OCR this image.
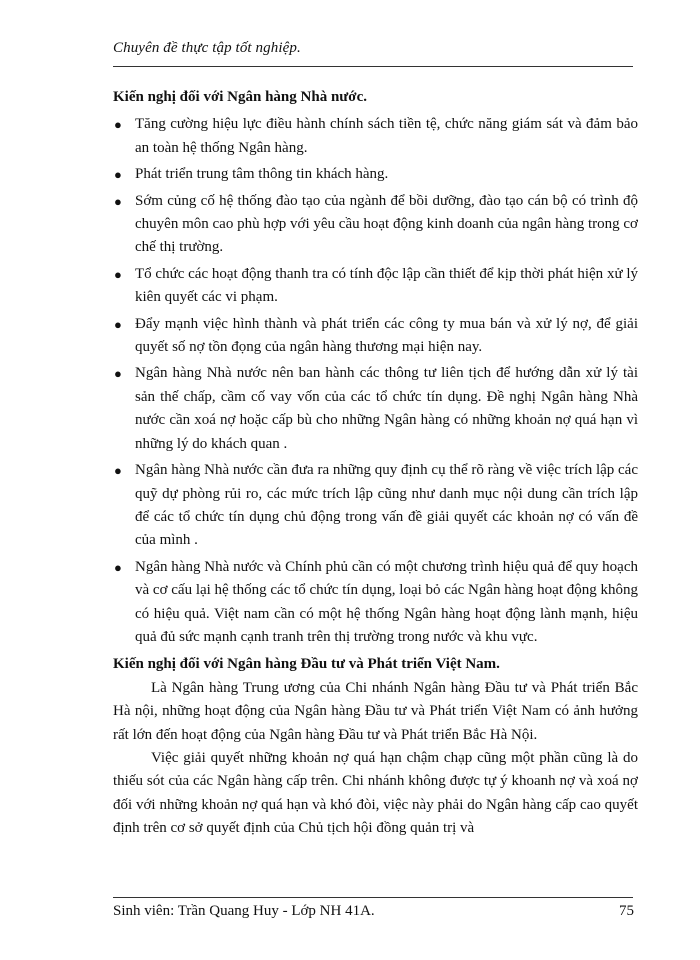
Chuyên đề thực tập tốt nghiệp.

Kiến nghị đối với Ngân hàng Nhà nước.

● Tăng cường hiệu lực điều hành chính sách tiền tệ, chức năng giám sát và đảm bảo an toàn hệ thống Ngân hàng.
● Phát triển trung tâm thông tin khách hàng.
● Sớm củng cố hệ thống đào tạo của ngành để bồi dưỡng, đào tạo cán bộ có trình độ chuyên môn cao phù hợp với yêu cầu hoạt động kinh doanh của ngân hàng trong cơ chế thị trường.
● Tổ chức các hoạt động thanh tra có tính độc lập cần thiết để kịp thời phát hiện xử lý kiên quyết các vi phạm.
● Đẩy mạnh việc hình thành và phát triển các công ty mua bán và xử lý nợ, để giải quyết số nợ tồn đọng của ngân hàng thương mại hiện nay.
● Ngân hàng Nhà nước nên ban hành các thông tư liên tịch để hướng dẫn xử lý tài sản thế chấp, cầm cố vay vốn của các tổ chức tín dụng. Đề nghị Ngân hàng Nhà nước cần xoá nợ hoặc cấp bù cho những Ngân hàng có những khoản nợ quá hạn vì những lý do khách quan .
● Ngân hàng Nhà nước cần đưa ra những quy định cụ thể rõ ràng về việc trích lập các quỹ dự phòng rủi ro, các mức trích lập cũng như danh mục nội dung cần trích lập để các tổ chức tín dụng chủ động trong vấn đề giải quyết các khoản nợ có vấn đề của mình .
● Ngân hàng Nhà nước và Chính phủ cần có một chương trình hiệu quả để quy hoạch và cơ cấu lại hệ thống các tổ chức tín dụng, loại bỏ các Ngân hàng hoạt động không có hiệu quả. Việt nam cần có một hệ thống Ngân hàng hoạt động lành mạnh, hiệu quả đủ sức mạnh cạnh tranh trên thị trường trong nước và khu vực.

Kiến nghị đối với Ngân hàng Đầu tư và Phát triển Việt Nam.

Là Ngân hàng Trung ương của Chi nhánh Ngân hàng Đầu tư và Phát triển Bắc Hà nội, những hoạt động của Ngân hàng Đầu tư và Phát triển Việt Nam có ảnh hưởng rất lớn đến hoạt động của Ngân hàng Đầu tư và Phát triển Bắc Hà Nội.

Việc giải quyết những khoản nợ quá hạn chậm chạp cũng một phần cũng là do thiếu sót của các Ngân hàng cấp trên. Chi nhánh không được tự ý khoanh nợ và xoá nợ đối với những khoản nợ quá hạn và khó đòi, việc này phải do Ngân hàng cấp cao quyết định trên cơ sở quyết định của Chủ tịch hội đồng quản trị và

Sinh viên: Trần Quang Huy - Lớp NH 41A.	75
